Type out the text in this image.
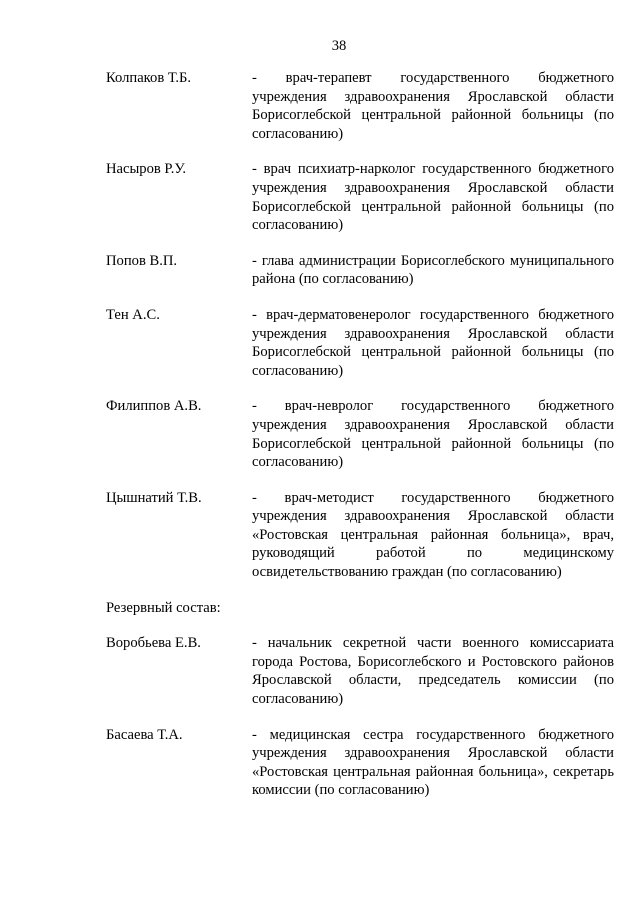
38
Колпаков Т.Б.	- врач-терапевт государственного бюджетного учреждения здравоохранения Ярославской области Борисоглебской центральной районной больницы (по согласованию)
Насыров Р.У.	- врач психиатр-нарколог государственного бюджетного учреждения здравоохранения Ярославской области Борисоглебской центральной районной больницы (по согласованию)
Попов В.П.	- глава администрации Борисоглебского муниципального района (по согласованию)
Тен А.С.	- врач-дерматовенеролог государственного бюджетного учреждения здравоохранения Ярославской области Борисоглебской центральной районной больницы (по согласованию)
Филиппов А.В.	- врач-невролог государственного бюджетного учреждения здравоохранения Ярославской области Борисоглебской центральной районной больницы (по согласованию)
Цышнатий Т.В.	- врач-методист государственного бюджетного учреждения здравоохранения Ярославской области «Ростовская центральная районная больница», врач, руководящий работой по медицинскому освидетельствованию граждан (по согласованию)
Резервный состав:
Воробьева Е.В.	- начальник секретной части военного комиссариата города Ростова, Борисоглебского и Ростовского районов Ярославской области, председатель комиссии (по согласованию)
Басаева Т.А.	- медицинская сестра государственного бюджетного учреждения здравоохранения Ярославской области «Ростовская центральная районная больница», секретарь комиссии (по согласованию)
